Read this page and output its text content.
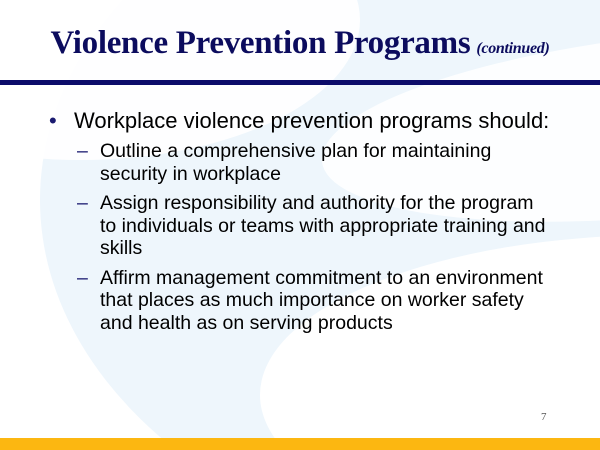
Violence Prevention Programs (continued)
• Workplace violence prevention programs should:
– Outline a comprehensive plan for maintaining security in workplace
– Assign responsibility and authority for the program to individuals or teams with appropriate training and skills
– Affirm management commitment to an environment that places as much importance on worker safety and health as on serving products
7
